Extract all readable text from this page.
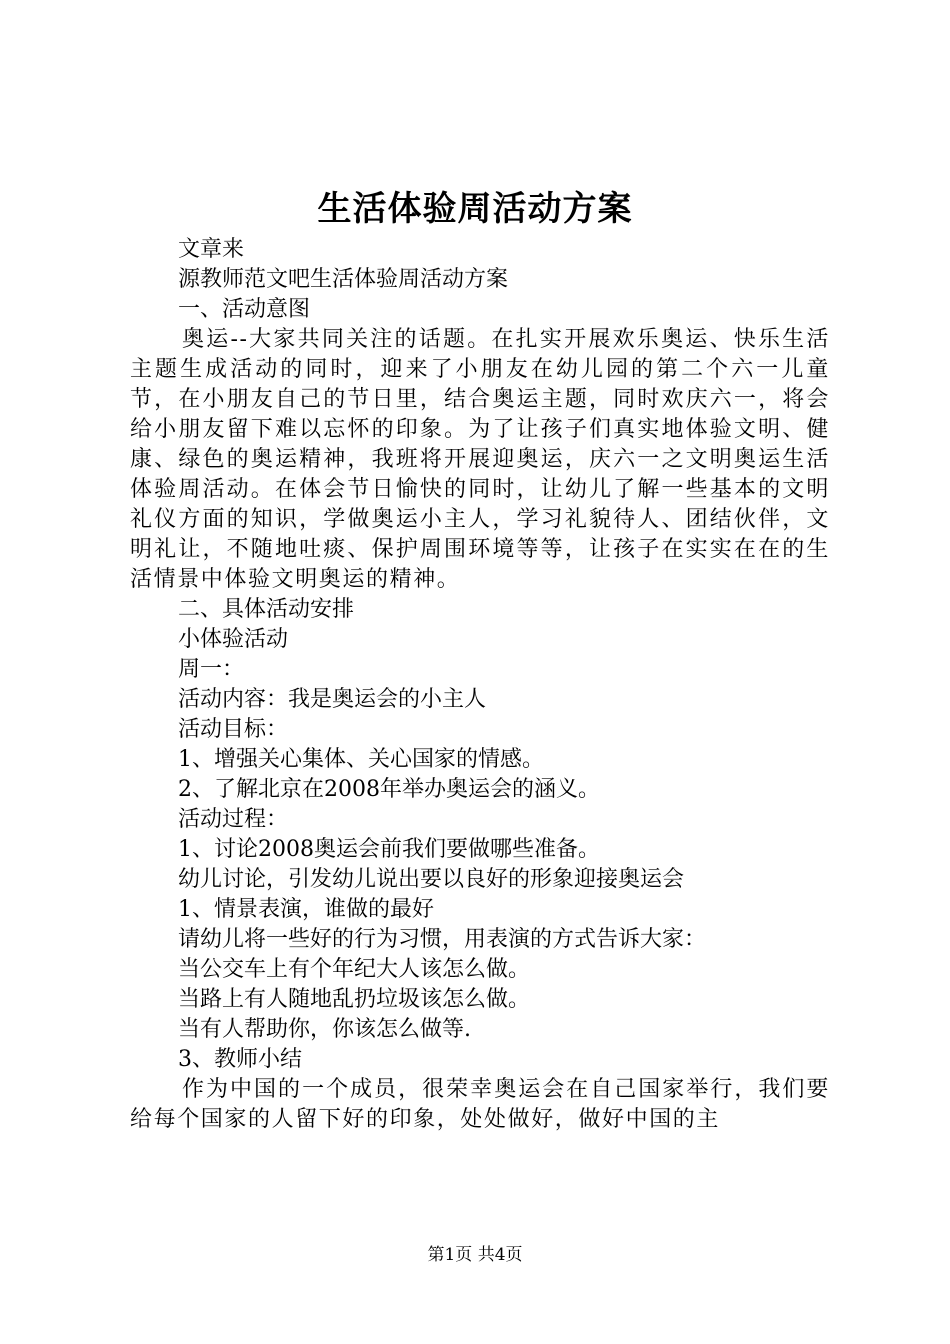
生活体验周活动方案
文章来
源教师范文吧生活体验周活动方案
一、活动意图
奥运--大家共同关注的话题。在扎实开展欢乐奥运、快乐生活主题生成活动的同时，迎来了小朋友在幼儿园的第二个六一儿童节，在小朋友自己的节日里，结合奥运主题，同时欢庆六一，将会给小朋友留下难以忘怀的印象。为了让孩子们真实地体验文明、健康、绿色的奥运精神，我班将开展迎奥运，庆六一之文明奥运生活体验周活动。在体会节日愉快的同时，让幼儿了解一些基本的文明礼仪方面的知识，学做奥运小主人，学习礼貌待人、团结伙伴，文明礼让，不随地吐痰、保护周围环境等等，让孩子在实实在在的生活情景中体验文明奥运的精神。
二、具体活动安排
小体验活动
周一：
活动内容：我是奥运会的小主人
活动目标：
1、增强关心集体、关心国家的情感。
2、了解北京在2008年举办奥运会的涵义。
活动过程：
1、讨论2008奥运会前我们要做哪些准备。
幼儿讨论，引发幼儿说出要以良好的形象迎接奥运会
1、情景表演，谁做的最好
请幼儿将一些好的行为习惯，用表演的方式告诉大家：
当公交车上有个年纪大人该怎么做。
当路上有人随地乱扔垃圾该怎么做。
当有人帮助你，你该怎么做等.
3、教师小结
作为中国的一个成员，很荣幸奥运会在自己国家举行，我们要给每个国家的人留下好的印象，处处做好，做好中国的主
第1页 共4页
